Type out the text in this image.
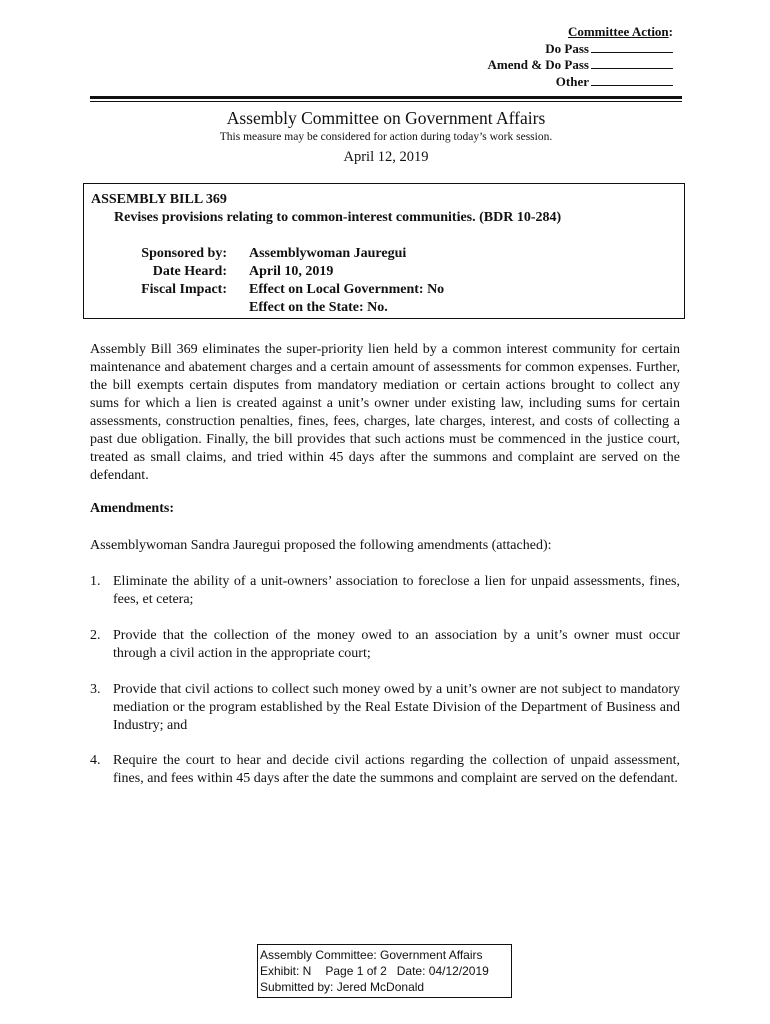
Committee Action:
Do Pass
Amend & Do Pass
Other
Assembly Committee on Government Affairs
This measure may be considered for action during today’s work session.
April 12, 2019
ASSEMBLY BILL 369
Revises provisions relating to common-interest communities. (BDR 10-284)
Sponsored by:
Date Heard:
Fiscal Impact:
Assemblywoman Jauregui
April 10, 2019
Effect on Local Government: No
Effect on the State: No.

Assembly Bill 369 eliminates the super-priority lien held by a common interest community for certain maintenance and abatement charges and a certain amount of assessments for common expenses. Further, the bill exempts certain disputes from mandatory mediation or certain actions brought to collect any sums for which a lien is created against a unit’s owner under existing law, including sums for certain assessments, construction penalties, fines, fees, charges, late charges, interest, and costs of collecting a past due obligation. Finally, the bill provides that such actions must be commenced in the justice court, treated as small claims, and tried within 45 days after the summons and complaint are served on the defendant.

Amendments:
Assemblywoman Sandra Jauregui proposed the following amendments (attached):
1. Eliminate the ability of a unit-owners’ association to foreclose a lien for unpaid assessments, fines, fees, et cetera;

2. Provide that the collection of the money owed to an association by a unit’s owner must occur through a civil action in the appropriate court;

3. Provide that civil actions to collect such money owed by a unit’s owner are not subject to mandatory mediation or the program established by the Real Estate Division of the Department of Business and Industry; and

4. Require the court to hear and decide civil actions regarding the collection of unpaid assessment, fines, and fees within 45 days after the date the summons and complaint are served on the defendant.

Assembly Committee: Government Affairs
Exhibit: N Page 1 of 2 Date: 04/12/2019
Submitted by: Jered McDonald
